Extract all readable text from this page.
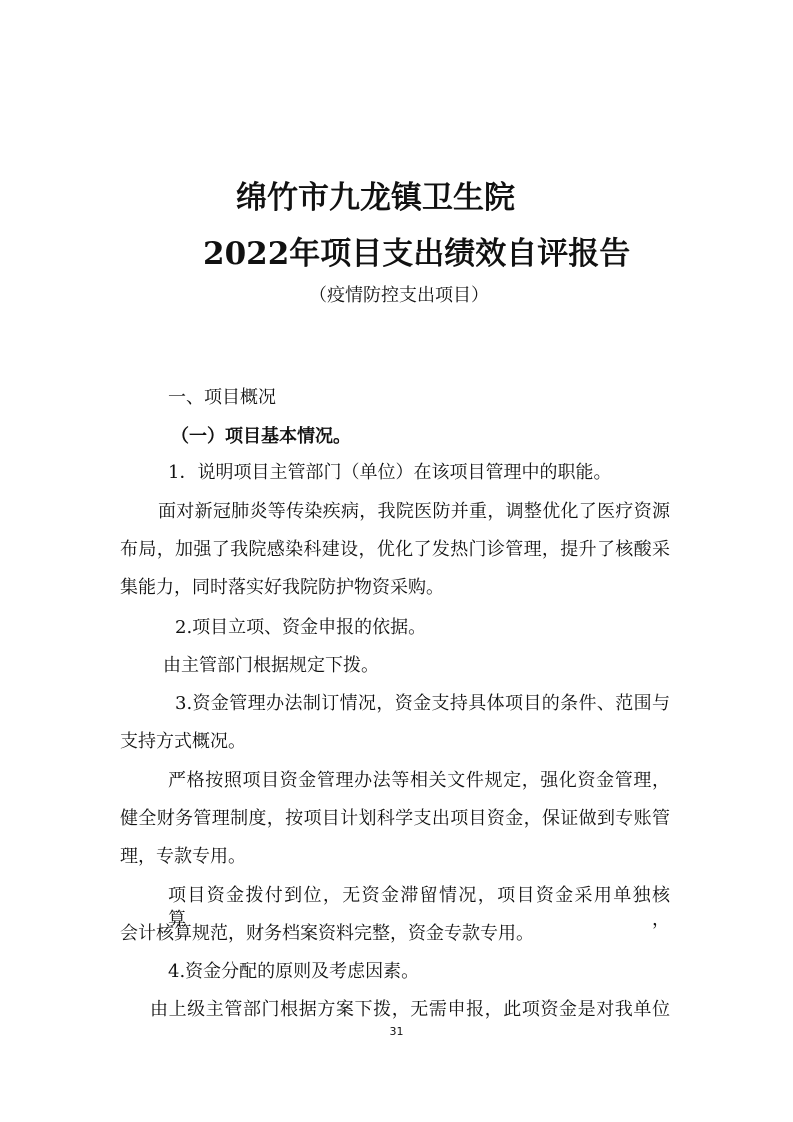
绵竹市九龙镇卫生院
2022年项目支出绩效自评报告
（疫情防控支出项目）
一、项目概况
（一）项目基本情况。
1．说明项目主管部门（单位）在该项目管理中的职能。
面对新冠肺炎等传染疾病，我院医防并重，调整优化了医疗资源
布局，加强了我院感染科建设，优化了发热门诊管理，提升了核酸采
集能力，同时落实好我院防护物资采购。
2.项目立项、资金申报的依据。
由主管部门根据规定下拨。
3.资金管理办法制订情况，资金支持具体项目的条件、范围与
支持方式概况。
严格按照项目资金管理办法等相关文件规定，强化资金管理，
健全财务管理制度，按项目计划科学支出项目资金，保证做到专账管
理，专款专用。
项目资金拨付到位，无资金滞留情况，项目资金采用单独核算，
会计核算规范，财务档案资料完整，资金专款专用。
4.资金分配的原则及考虑因素。
由上级主管部门根据方案下拨，无需申报，此项资金是对我单位
31
